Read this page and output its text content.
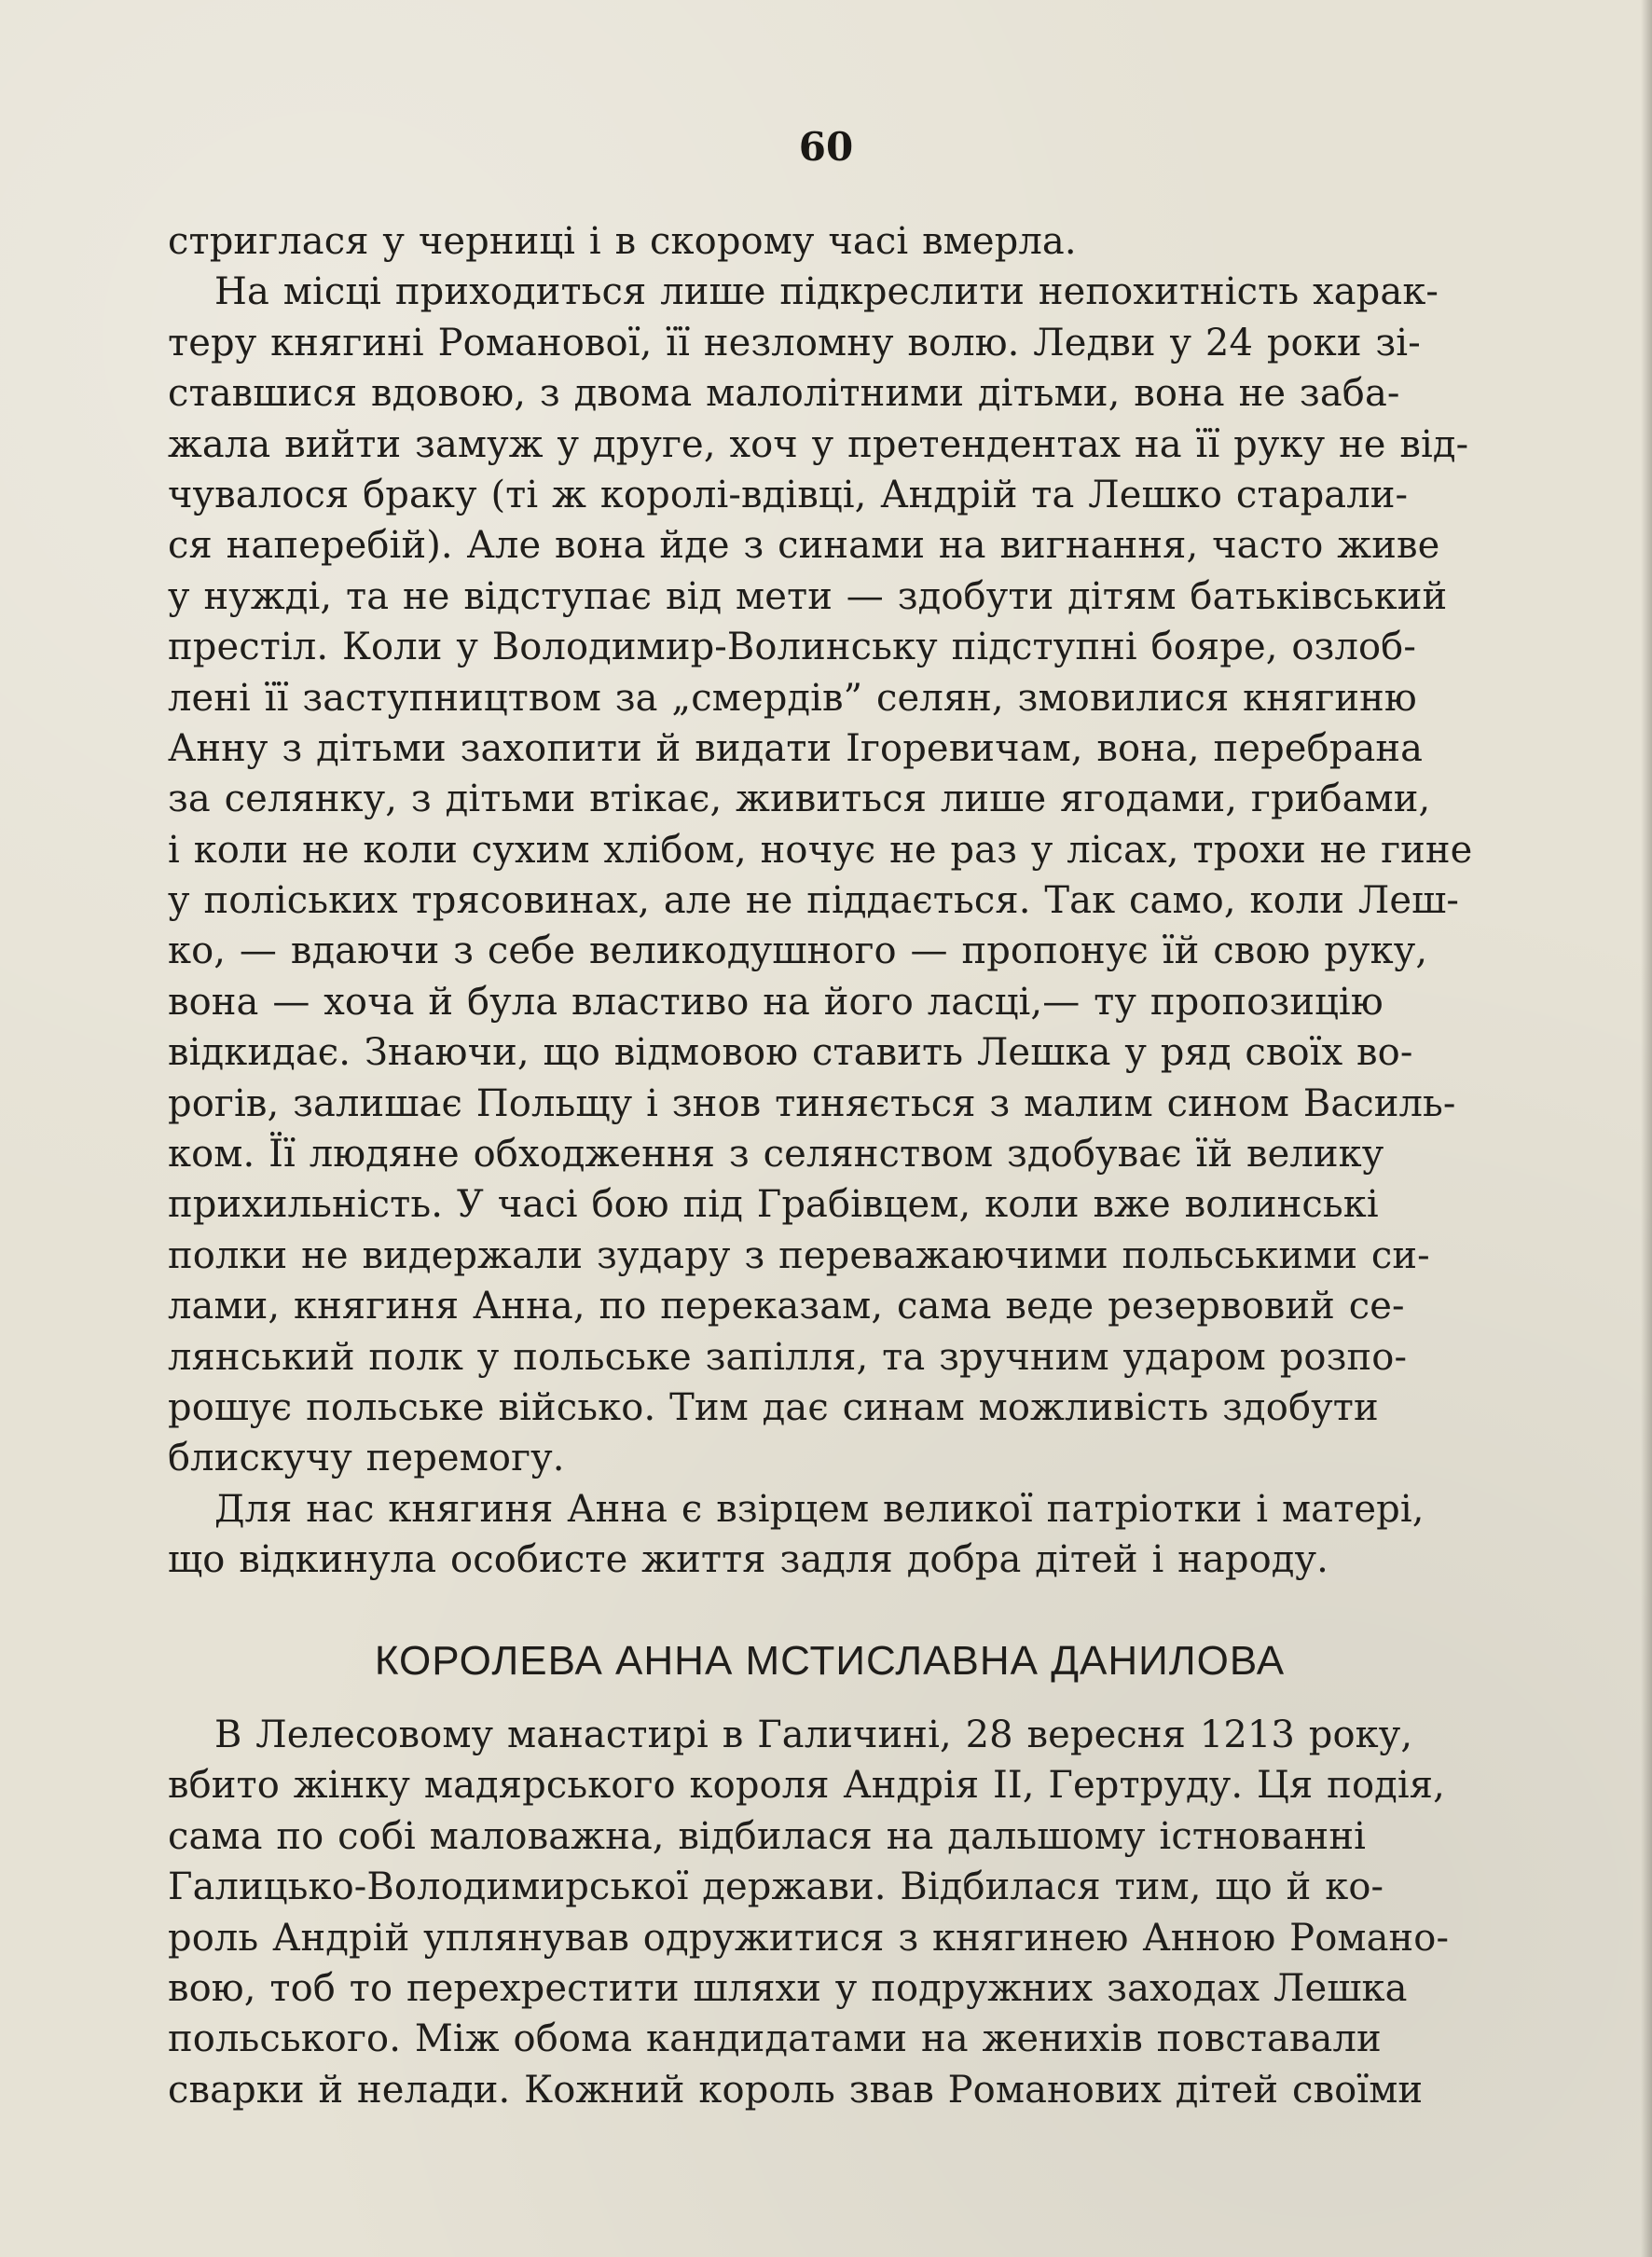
60
стриглася у черниці і в скорому часі вмерла.
На місці приходиться лише підкреслити непохитність харак-
теру княгині Романової, її незломну волю. Ледви у 24 роки зі-
ставшися вдовою, з двома малолітними дітьми, вона не заба-
жала вийти замуж у друге, хоч у претендентах на її руку не від-
чувалося браку (ті ж королі-вдівці, Андрій та Лешко старали-
ся наперебій). Але вона йде з синами на вигнання, часто живе
у нужді, та не відступає від мети — здобути дітям батьківський
престіл. Коли у Володимир-Волинську підступні бояре, озлоб-
лені її заступництвом за „смердів” селян, змовилися княгиню
Анну з дітьми захопити й видати Ігоревичам, вона, перебрана
за селянку, з дітьми втікає, живиться лише ягодами, грибами,
і коли не коли сухим хлібом, ночує не раз у лісах, трохи не гине
у поліських трясовинах, але не піддається. Так само, коли Леш-
ко, — вдаючи з себе великодушного — пропонує їй свою руку,
вона — хоча й була властиво на його ласці,— ту пропозицію
відкидає. Знаючи, що відмовою ставить Лешка у ряд своїх во-
рогів, залишає Польщу і знов тиняється з малим сином Василь-
ком. Її людяне обходження з селянством здобуває їй велику
прихильність. У часі бою під Грабівцем, коли вже волинські
полки не видержали зудару з переважаючими польськими си-
лами, княгиня Анна, по переказам, сама веде резервовий се-
лянський полк у польське запілля, та зручним ударом розпо-
рошує польське військо. Тим дає синам можливість здобути
блискучу перемогу.
Для нас княгиня Анна є взірцем великої патріотки і матері,
що відкинула особисте життя задля добра дітей і народу.
КОРОЛЕВА АННА МСТИСЛАВНА ДАНИЛОВА
В Лелесовому манастирі в Галичині, 28 вересня 1213 року,
вбито жінку мадярського короля Андрія II, Гертруду. Ця подія,
сама по собі маловажна, відбилася на дальшому істнованні
Галицько-Володимирської держави. Відбилася тим, що й ко-
роль Андрій уплянував одружитися з княгинею Анною Романо-
вою, тоб то перехрестити шляхи у подружних заходах Лешка
польського. Між обома кандидатами на женихів повставали
сварки й нелади. Кожний король звав Романових дітей своїми
